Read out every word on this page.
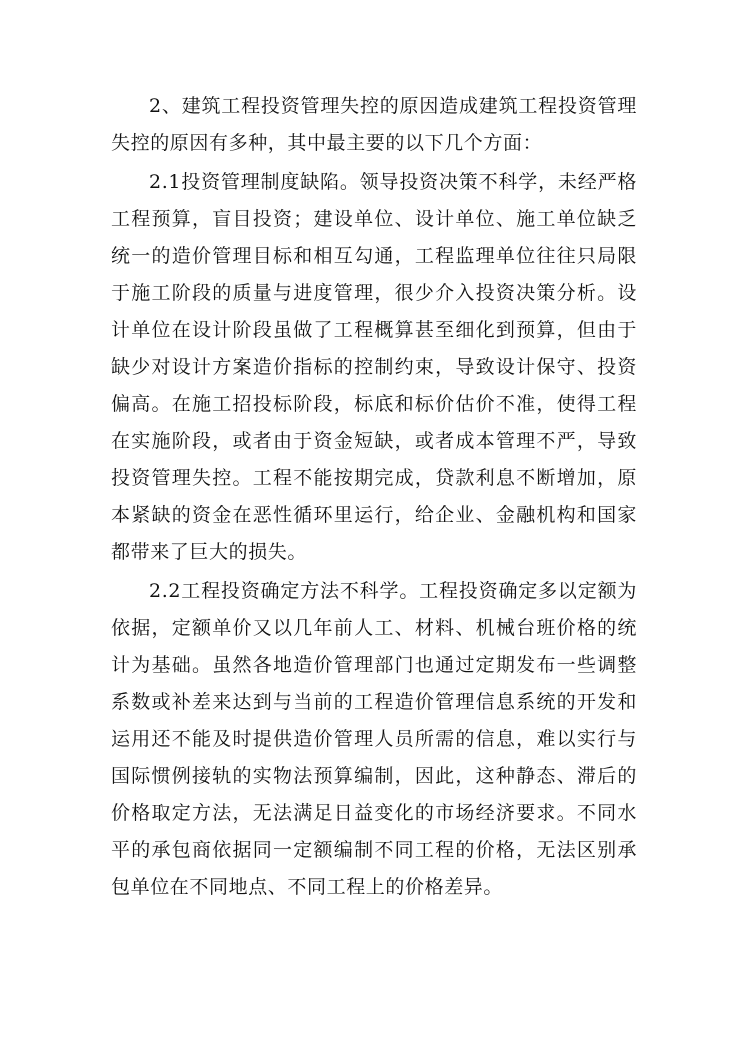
2、建筑工程投资管理失控的原因造成建筑工程投资管理失控的原因有多种，其中最主要的以下几个方面：

2.1投资管理制度缺陷。领导投资决策不科学，未经严格工程预算，盲目投资；建设单位、设计单位、施工单位缺乏统一的造价管理目标和相互勾通，工程监理单位往往只局限于施工阶段的质量与进度管理，很少介入投资决策分析。设计单位在设计阶段虽做了工程概算甚至细化到预算，但由于缺少对设计方案造价指标的控制约束，导致设计保守、投资偏高。在施工招投标阶段，标底和标价估价不准，使得工程在实施阶段，或者由于资金短缺，或者成本管理不严，导致投资管理失控。工程不能按期完成，贷款利息不断增加，原本紧缺的资金在恶性循环里运行，给企业、金融机构和国家都带来了巨大的损失。

2.2工程投资确定方法不科学。工程投资确定多以定额为依据，定额单价又以几年前人工、材料、机械台班价格的统计为基础。虽然各地造价管理部门也通过定期发布一些调整系数或补差来达到与当前的工程造价管理信息系统的开发和运用还不能及时提供造价管理人员所需的信息，难以实行与国际惯例接轨的实物法预算编制，因此，这种静态、滞后的价格取定方法，无法满足日益变化的市场经济要求。不同水平的承包商依据同一定额编制不同工程的价格，无法区别承包单位在不同地点、不同工程上的价格差异。
